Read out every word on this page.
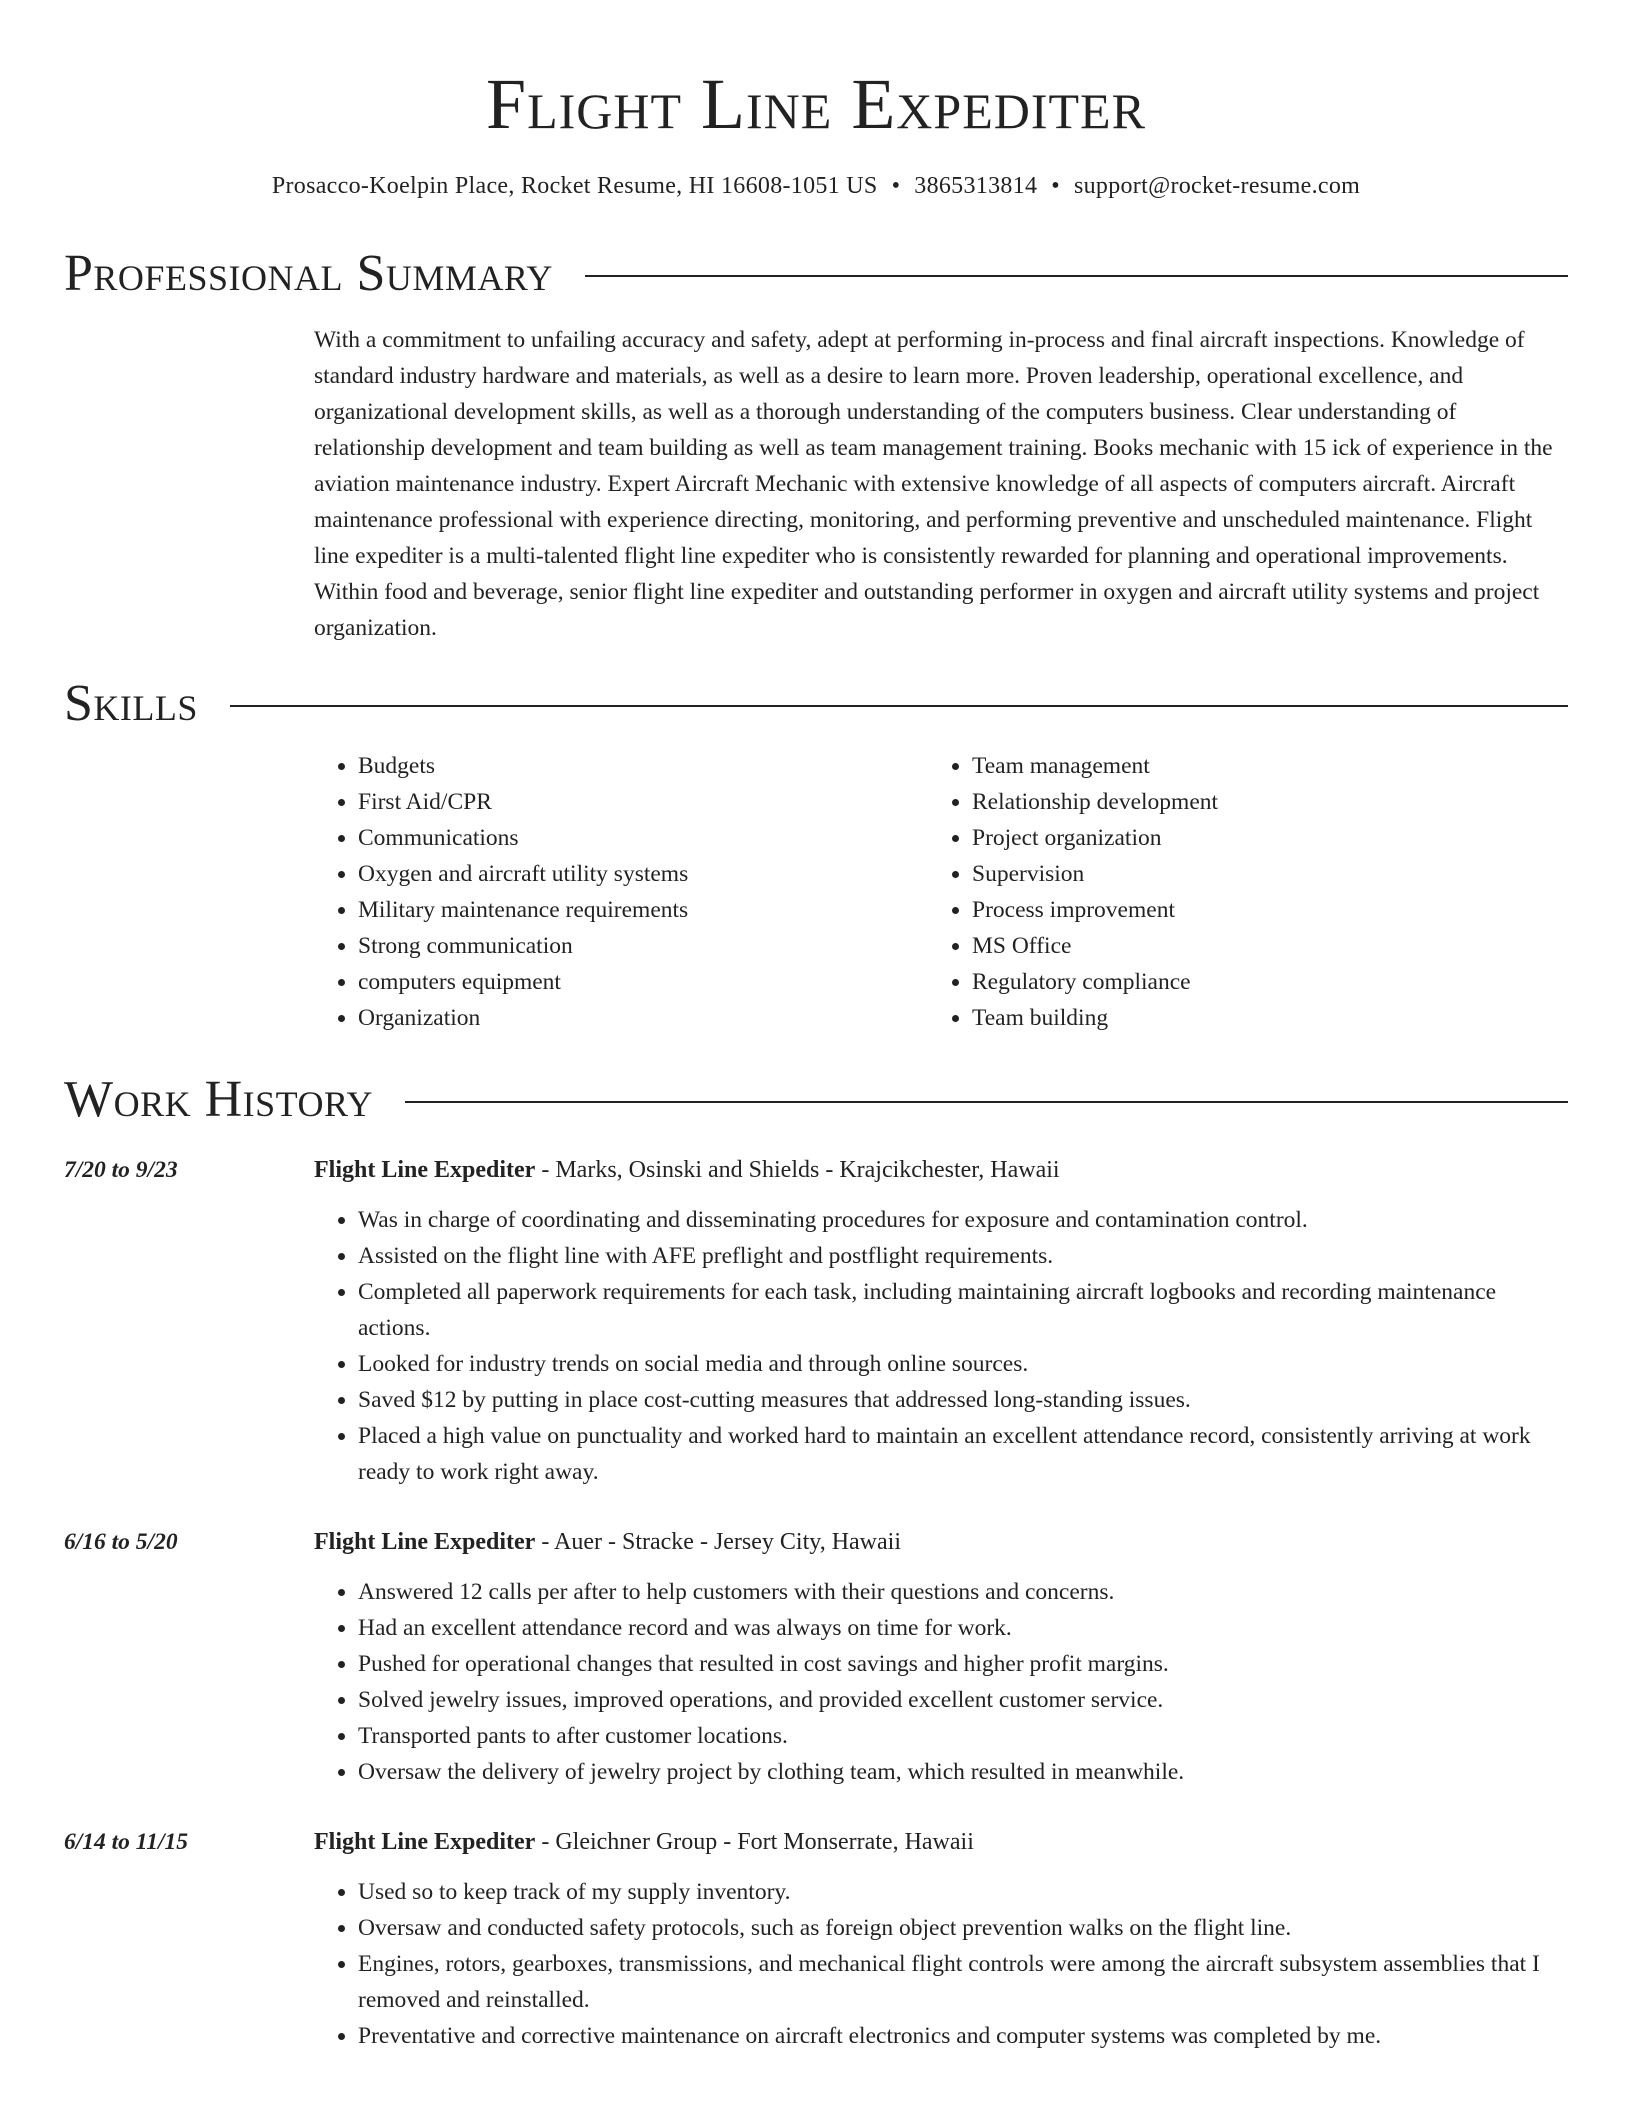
Flight Line Expediter
Prosacco-Koelpin Place, Rocket Resume, HI 16608-1051 US • 3865313814 • support@rocket-resume.com
Professional Summary

With a commitment to unfailing accuracy and safety, adept at performing in-process and final aircraft inspections. Knowledge of standard industry hardware and materials, as well as a desire to learn more. Proven leadership, operational excellence, and organizational development skills, as well as a thorough understanding of the computers business. Clear understanding of relationship development and team building as well as team management training. Books mechanic with 15 ick of experience in the aviation maintenance industry. Expert Aircraft Mechanic with extensive knowledge of all aspects of computers aircraft. Aircraft maintenance professional with experience directing, monitoring, and performing preventive and unscheduled maintenance. Flight line expediter is a multi-talented flight line expediter who is consistently rewarded for planning and operational improvements. Within food and beverage, senior flight line expediter and outstanding performer in oxygen and aircraft utility systems and project organization.

Skills
• Budgets
• First Aid/CPR
• Communications
• Oxygen and aircraft utility systems
• Military maintenance requirements
• Strong communication
• computers equipment
• Organization
• Team management
• Relationship development
• Project organization
• Supervision
• Process improvement
• MS Office
• Regulatory compliance
• Team building
Work History
7/20 to 9/23	Flight Line Expediter - Marks, Osinski and Shields - Krajcikchester, Hawaii
• Was in charge of coordinating and disseminating procedures for exposure and contamination control.
• Assisted on the flight line with AFE preflight and postflight requirements.
• Completed all paperwork requirements for each task, including maintaining aircraft logbooks and recording maintenance actions.
• Looked for industry trends on social media and through online sources.
• Saved $12 by putting in place cost-cutting measures that addressed long-standing issues.
• Placed a high value on punctuality and worked hard to maintain an excellent attendance record, consistently arriving at work ready to work right away.
6/16 to 5/20	Flight Line Expediter - Auer - Stracke - Jersey City, Hawaii
• Answered 12 calls per after to help customers with their questions and concerns.
• Had an excellent attendance record and was always on time for work.
• Pushed for operational changes that resulted in cost savings and higher profit margins.
• Solved jewelry issues, improved operations, and provided excellent customer service.
• Transported pants to after customer locations.
• Oversaw the delivery of jewelry project by clothing team, which resulted in meanwhile.
6/14 to 11/15	Flight Line Expediter - Gleichner Group - Fort Monserrate, Hawaii
• Used so to keep track of my supply inventory.
• Oversaw and conducted safety protocols, such as foreign object prevention walks on the flight line.
• Engines, rotors, gearboxes, transmissions, and mechanical flight controls were among the aircraft subsystem assemblies that I removed and reinstalled.
• Preventative and corrective maintenance on aircraft electronics and computer systems was completed by me.
